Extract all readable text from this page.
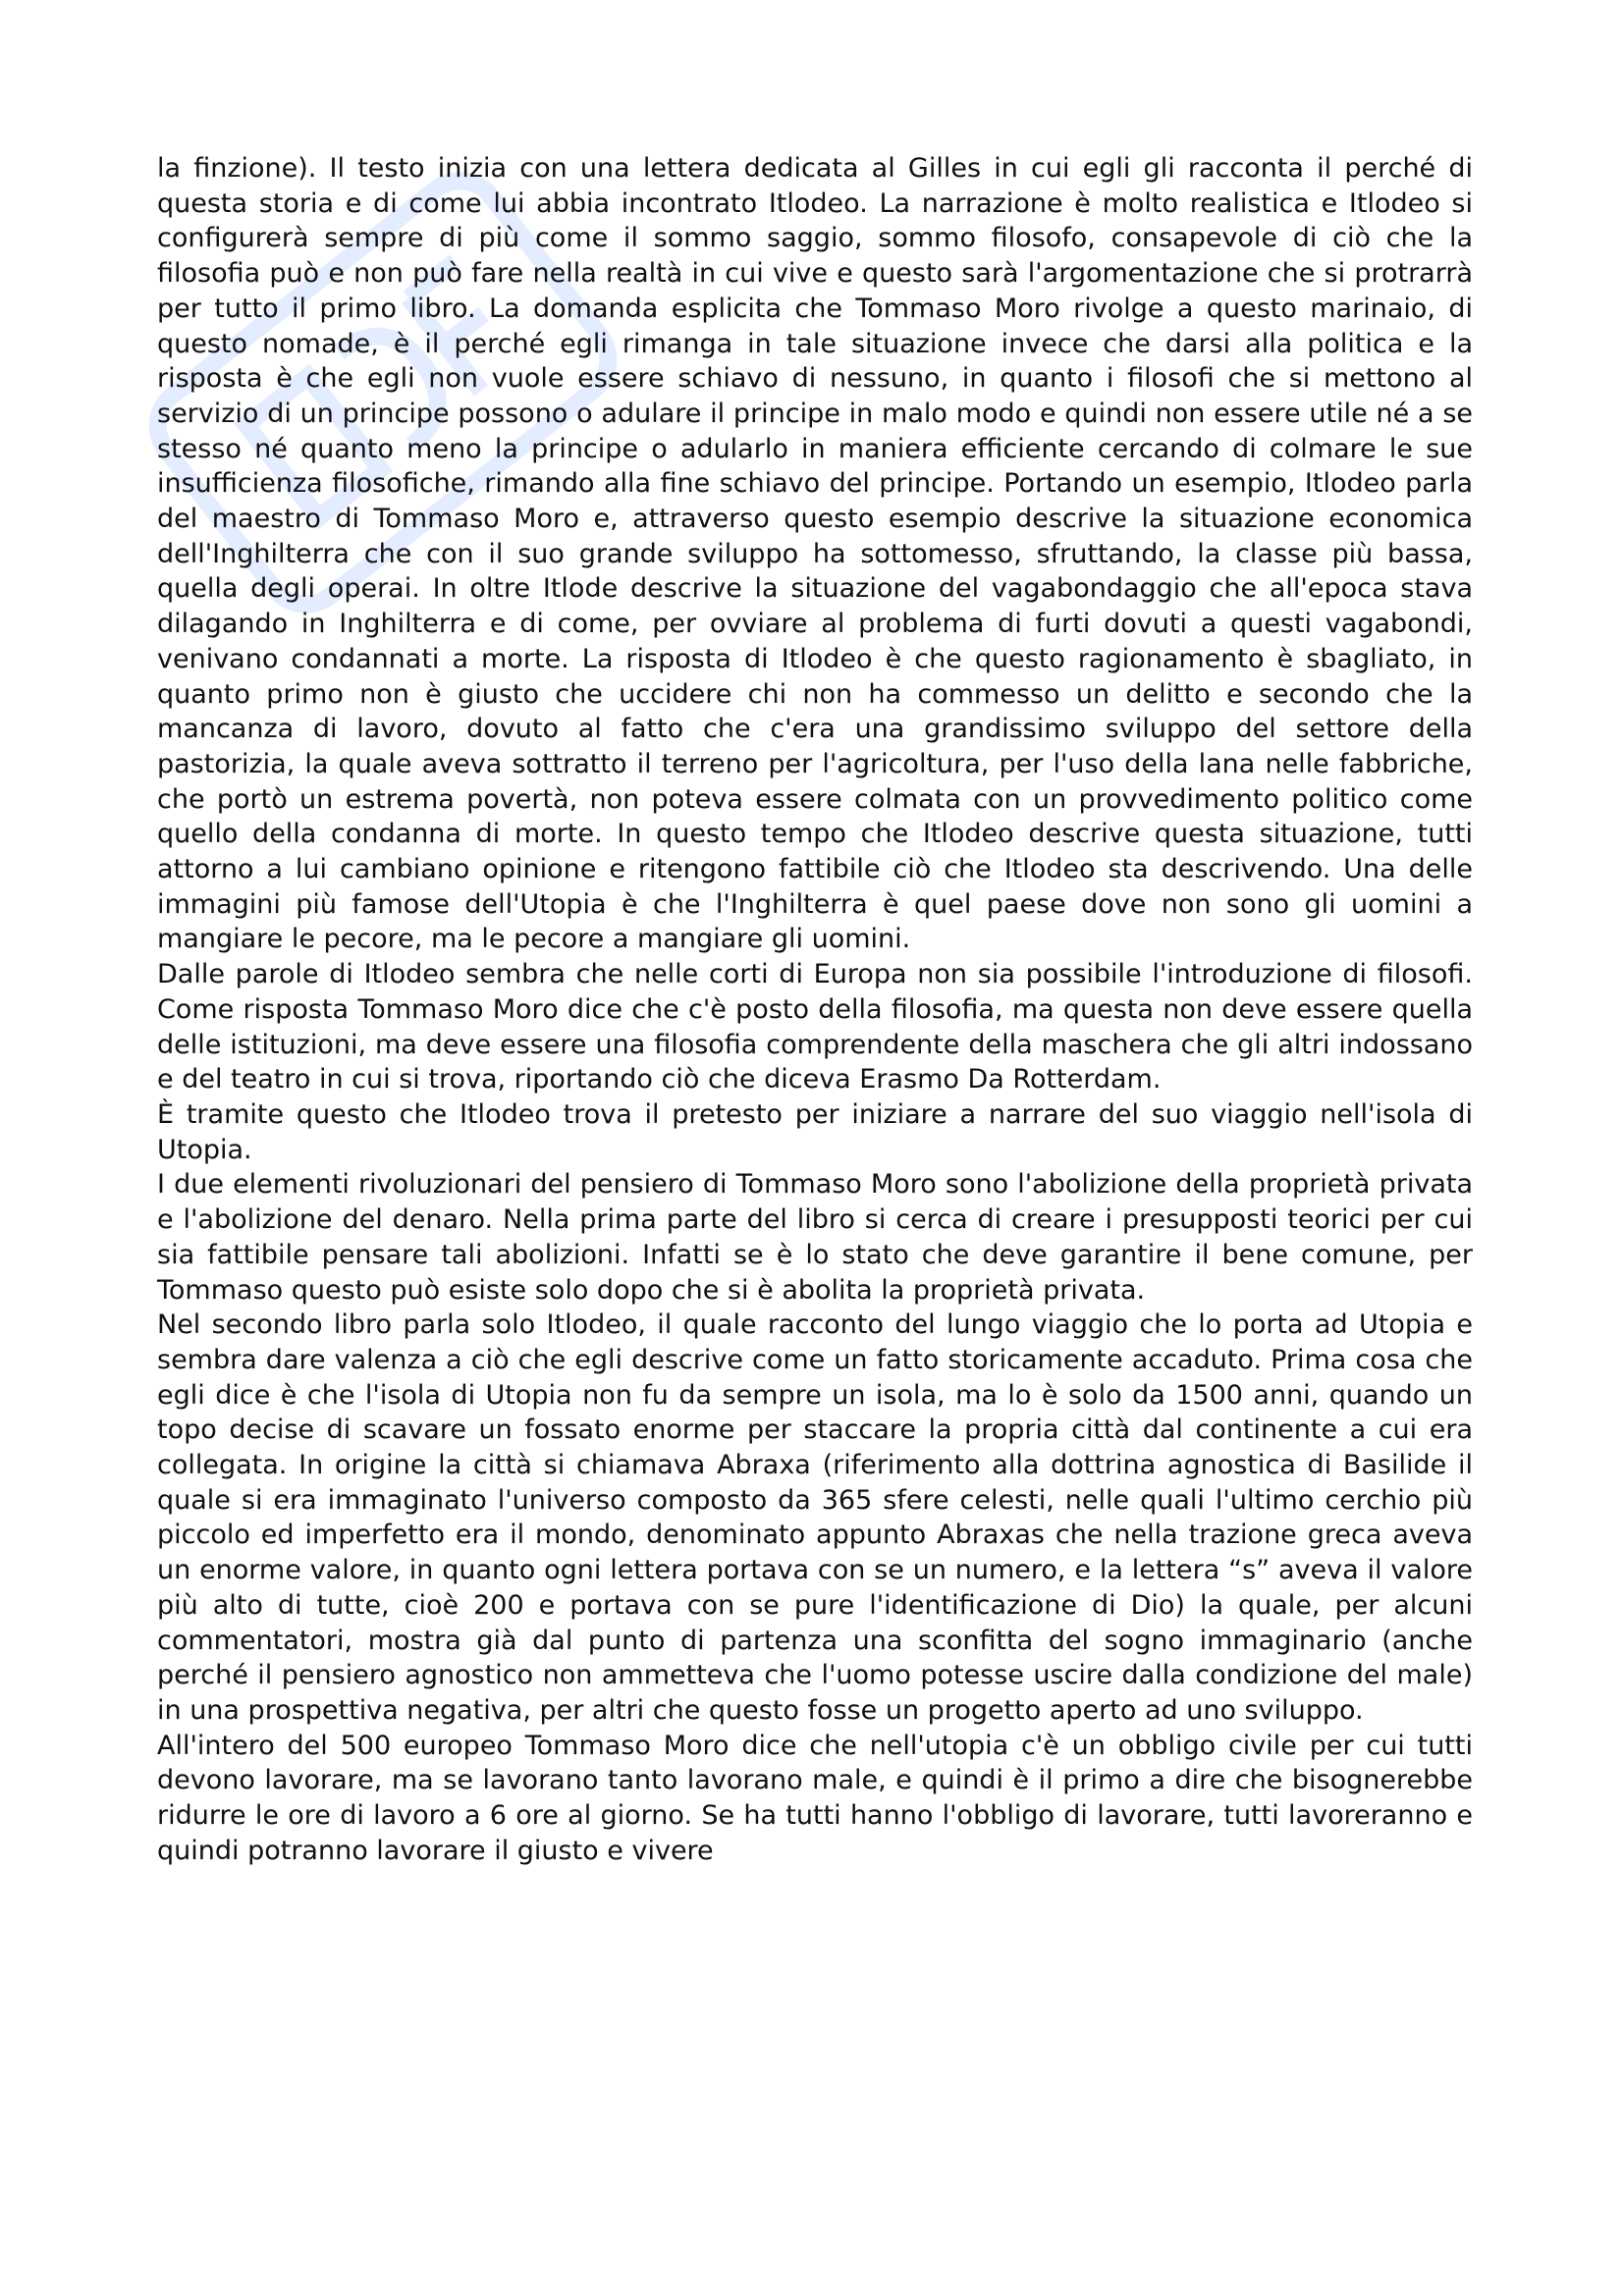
la finzione). Il testo inizia con una lettera dedicata al Gilles in cui egli gli racconta il perché di questa storia e di come lui abbia incontrato Itlodeo. La narrazione è molto realistica e Itlodeo si configurerà sempre di più come il sommo saggio, sommo filosofo, consapevole di ciò che la filosofia può e non può fare nella realtà in cui vive e questo sarà l'argomentazione che si protrarrà per tutto il primo libro. La domanda esplicita che Tommaso Moro rivolge a questo marinaio, di questo nomade, è il perché egli rimanga in tale situazione invece che darsi alla politica e la risposta è che egli non vuole essere schiavo di nessuno, in quanto i filosofi che si mettono al servizio di un principe possono o adulare il principe in malo modo e quindi non essere utile né a se stesso né quanto meno la principe o adularlo in maniera efficiente cercando di colmare le sue insufficienza filosofiche, rimando alla fine schiavo del principe. Portando un esempio, Itlodeo parla del maestro di Tommaso Moro e, attraverso questo esempio descrive la situazione economica dell'Inghilterra che con il suo grande sviluppo ha sottomesso, sfruttando, la classe più bassa, quella degli operai. In oltre Itlode descrive la situazione del vagabondaggio che all'epoca stava dilagando in Inghilterra e di come, per ovviare al problema di furti dovuti a questi vagabondi, venivano condannati a morte. La risposta di Itlodeo è che questo ragionamento è sbagliato, in quanto primo non è giusto che uccidere chi non ha commesso un delitto e secondo che la mancanza di lavoro, dovuto al fatto che c'era una grandissimo sviluppo del settore della pastorizia, la quale aveva sottratto il terreno per l'agricoltura, per l'uso della lana nelle fabbriche, che portò un estrema povertà, non poteva essere colmata con un provvedimento politico come quello della condanna di morte. In questo tempo che Itlodeo descrive questa situazione, tutti attorno a lui cambiano opinione e ritengono fattibile ciò che Itlodeo sta descrivendo. Una delle immagini più famose dell'Utopia è che l'Inghilterra è quel paese dove non sono gli uomini a mangiare le pecore, ma le pecore a mangiare gli uomini.

Dalle parole di Itlodeo sembra che nelle corti di Europa non sia possibile l'introduzione di filosofi. Come risposta Tommaso Moro dice che c'è posto della filosofia, ma questa non deve essere quella delle istituzioni, ma deve essere una filosofia comprendente della maschera che gli altri indossano e del teatro in cui si trova, riportando ciò che diceva Erasmo Da Rotterdam.

È tramite questo che Itlodeo trova il pretesto per iniziare a narrare del suo viaggio nell'isola di Utopia.

I due elementi rivoluzionari del pensiero di Tommaso Moro sono l'abolizione della proprietà privata e l'abolizione del denaro. Nella prima parte del libro si cerca di creare i presupposti teorici per cui sia fattibile pensare tali abolizioni. Infatti se è lo stato che deve garantire il bene comune, per Tommaso questo può esiste solo dopo che si è abolita la proprietà privata.

Nel secondo libro parla solo Itlodeo, il quale racconto del lungo viaggio che lo porta ad Utopia e sembra dare valenza a ciò che egli descrive come un fatto storicamente accaduto. Prima cosa che egli dice è che l'isola di Utopia non fu da sempre un isola, ma lo è solo da 1500 anni, quando un topo decise di scavare un fossato enorme per staccare la propria città dal continente a cui era collegata. In origine la città si chiamava Abraxa (riferimento alla dottrina agnostica di Basilide il quale si era immaginato l'universo composto da 365 sfere celesti, nelle quali l'ultimo cerchio più piccolo ed imperfetto era il mondo, denominato appunto Abraxas che nella trazione greca aveva un enorme valore, in quanto ogni lettera portava con se un numero, e la lettera “s” aveva il valore più alto di tutte, cioè 200 e portava con se pure l'identificazione di Dio) la quale, per alcuni commentatori, mostra già dal punto di partenza una sconfitta del sogno immaginario (anche perché il pensiero agnostico non ammetteva che l'uomo potesse uscire dalla condizione del male) in una prospettiva negativa, per altri che questo fosse un progetto aperto ad uno sviluppo.

All'intero del 500 europeo Tommaso Moro dice che nell'utopia c'è un obbligo civile per cui tutti devono lavorare, ma se lavorano tanto lavorano male, e quindi è il primo a dire che bisognerebbe ridurre le ore di lavoro a 6 ore al giorno. Se ha tutti hanno l'obbligo di lavorare, tutti lavoreranno e quindi potranno lavorare il giusto e vivere
